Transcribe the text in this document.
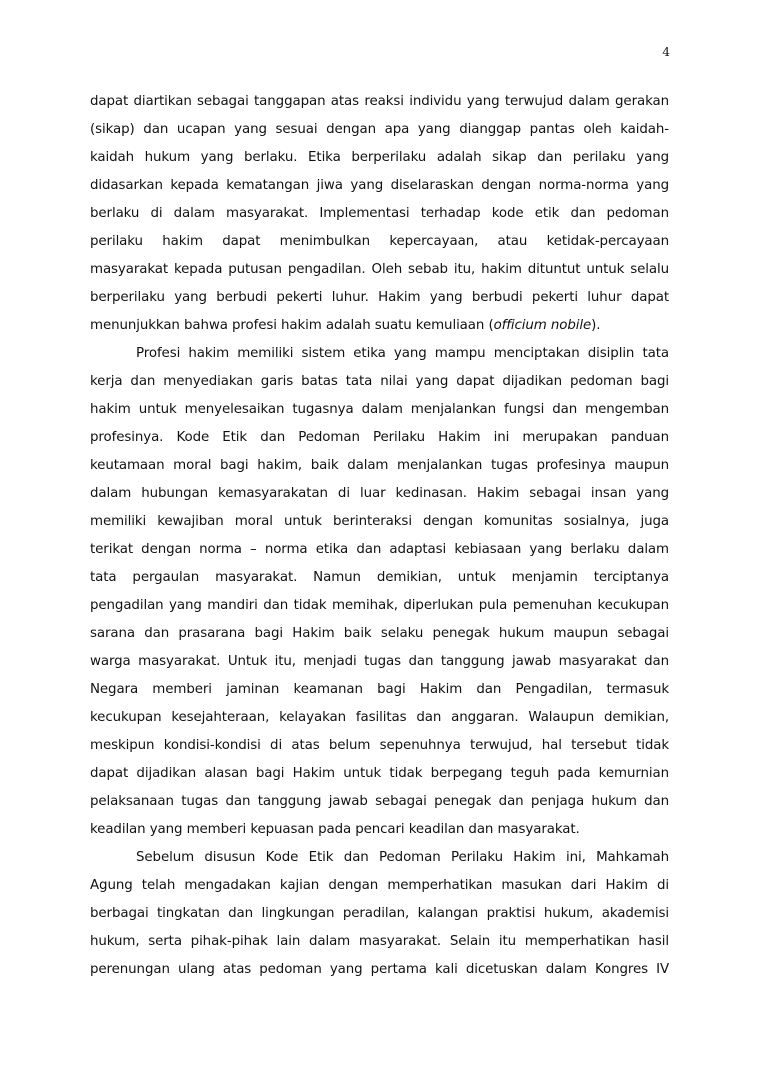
4
dapat diartikan sebagai tanggapan atas reaksi individu yang terwujud dalam gerakan
(sikap) dan ucapan yang sesuai dengan apa yang dianggap pantas oleh kaidah-
kaidah hukum yang berlaku. Etika berperilaku adalah sikap dan perilaku yang
didasarkan kepada kematangan jiwa yang diselaraskan dengan norma-norma yang
berlaku di dalam masyarakat. Implementasi terhadap kode etik dan pedoman
perilaku hakim dapat menimbulkan kepercayaan, atau ketidak-percayaan
masyarakat kepada putusan pengadilan. Oleh sebab itu, hakim dituntut untuk selalu
berperilaku yang berbudi pekerti luhur. Hakim yang berbudi pekerti luhur dapat
menunjukkan bahwa profesi hakim adalah suatu kemuliaan (officium nobile).
Profesi hakim memiliki sistem etika yang mampu menciptakan disiplin tata
kerja dan menyediakan garis batas tata nilai yang dapat dijadikan pedoman bagi
hakim untuk menyelesaikan tugasnya dalam menjalankan fungsi dan mengemban
profesinya. Kode Etik dan Pedoman Perilaku Hakim ini merupakan panduan
keutamaan moral bagi hakim, baik dalam menjalankan tugas profesinya maupun
dalam hubungan kemasyarakatan di luar kedinasan. Hakim sebagai insan yang
memiliki kewajiban moral untuk berinteraksi dengan komunitas sosialnya, juga
terikat dengan norma – norma etika dan adaptasi kebiasaan yang berlaku dalam
tata pergaulan masyarakat. Namun demikian, untuk menjamin terciptanya
pengadilan yang mandiri dan tidak memihak, diperlukan pula pemenuhan kecukupan
sarana dan prasarana bagi Hakim baik selaku penegak hukum maupun sebagai
warga masyarakat. Untuk itu, menjadi tugas dan tanggung jawab masyarakat dan
Negara memberi jaminan keamanan bagi Hakim dan Pengadilan, termasuk
kecukupan kesejahteraan, kelayakan fasilitas dan anggaran. Walaupun demikian,
meskipun kondisi-kondisi di atas belum sepenuhnya terwujud, hal tersebut tidak
dapat dijadikan alasan bagi Hakim untuk tidak berpegang teguh pada kemurnian
pelaksanaan tugas dan tanggung jawab sebagai penegak dan penjaga hukum dan
keadilan yang memberi kepuasan pada pencari keadilan dan masyarakat.
Sebelum disusun Kode Etik dan Pedoman Perilaku Hakim ini, Mahkamah
Agung telah mengadakan kajian dengan memperhatikan masukan dari Hakim di
berbagai tingkatan dan lingkungan peradilan, kalangan praktisi hukum, akademisi
hukum, serta pihak-pihak lain dalam masyarakat. Selain itu memperhatikan hasil
perenungan ulang atas pedoman yang pertama kali dicetuskan dalam Kongres IV
